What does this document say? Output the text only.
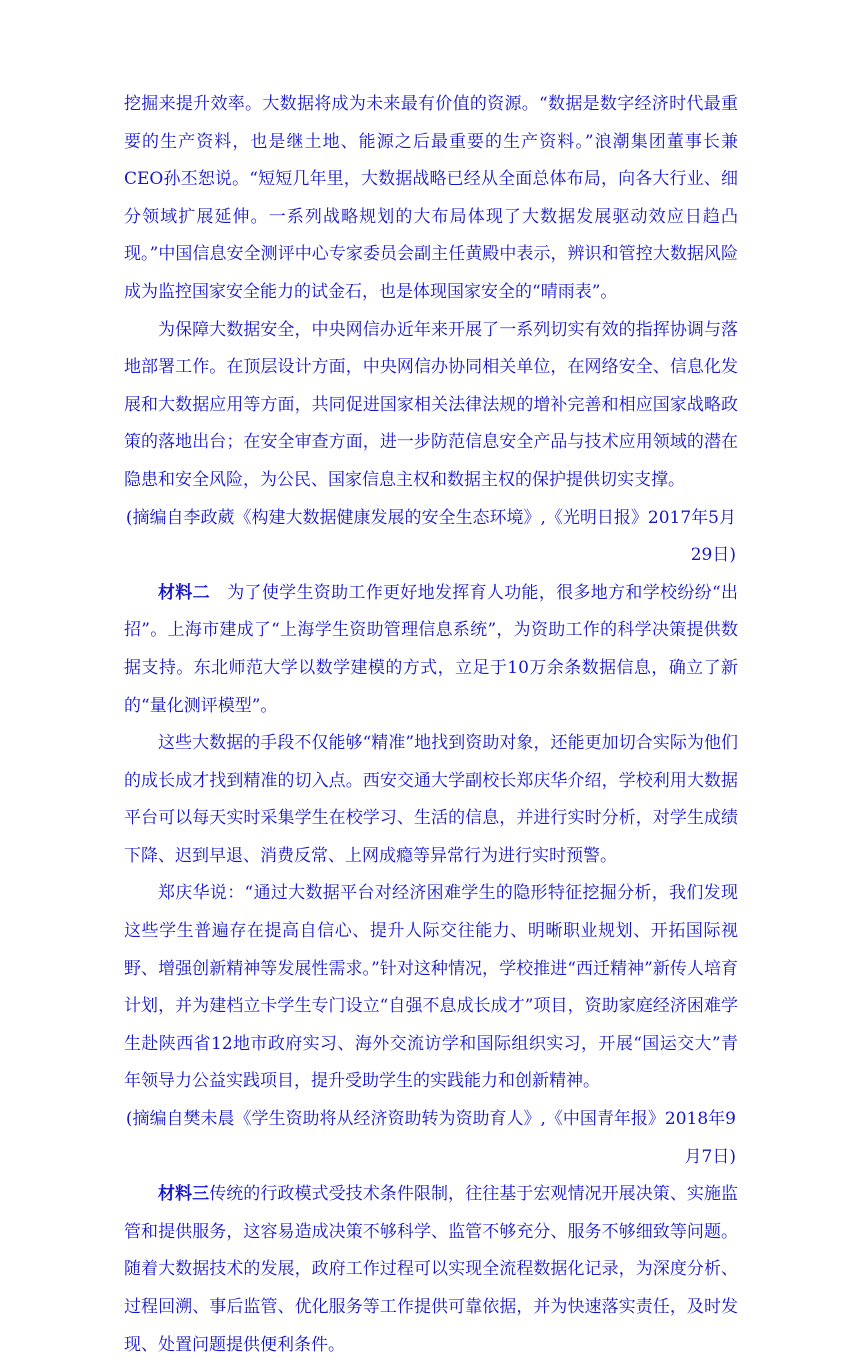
挖掘来提升效率。大数据将成为未来最有价值的资源。“数据是数字经济时代最重要的生产资料，也是继土地、能源之后最重要的生产资料。”浪潮集团董事长兼CEO孙丕恕说。“短短几年里，大数据战略已经从全面总体布局，向各大行业、细分领域扩展延伸。一系列战略规划的大布局体现了大数据发展驱动效应日趋凸现。”中国信息安全测评中心专家委员会副主任黄殿中表示，辨识和管控大数据风险成为监控国家安全能力的试金石，也是体现国家安全的“晴雨表”。

为保障大数据安全，中央网信办近年来开展了一系列切实有效的指挥协调与落地部署工作。在顶层设计方面，中央网信办协同相关单位，在网络安全、信息化发展和大数据应用等方面，共同促进国家相关法律法规的增补完善和相应国家战略政策的落地出台；在安全审查方面，进一步防范信息安全产品与技术应用领域的潜在隐患和安全风险，为公民、国家信息主权和数据主权的保护提供切实支撑。

(摘编自李政葳《构建大数据健康发展的安全生态环境》,《光明日报》2017年5月29日)

材料二　为了使学生资助工作更好地发挥育人功能，很多地方和学校纷纷“出招”。上海市建成了“上海学生资助管理信息系统”，为资助工作的科学决策提供数据支持。东北师范大学以数学建模的方式，立足于10万余条数据信息，确立了新的“量化测评模型”。

这些大数据的手段不仅能够“精准”地找到资助对象，还能更加切合实际为他们的成长成才找到精准的切入点。西安交通大学副校长郑庆华介绍，学校利用大数据平台可以每天实时采集学生在校学习、生活的信息，并进行实时分析，对学生成绩下降、迟到早退、消费反常、上网成瘾等异常行为进行实时预警。

郑庆华说：“通过大数据平台对经济困难学生的隐形特征挖掘分析，我们发现这些学生普遍存在提高自信心、提升人际交往能力、明晰职业规划、开拓国际视野、增强创新精神等发展性需求。”针对这种情况，学校推进“西迁精神”新传人培育计划，并为建档立卡学生专门设立“自强不息成长成才”项目，资助家庭经济困难学生赴陕西省12地市政府实习、海外交流访学和国际组织实习，开展“国运交大”青年领导力公益实践项目，提升受助学生的实践能力和创新精神。

(摘编自樊未晨《学生资助将从经济资助转为资助育人》,《中国青年报》2018年9月7日)

材料三传统的行政模式受技术条件限制，往往基于宏观情况开展决策、实施监管和提供服务，这容易造成决策不够科学、监管不够充分、服务不够细致等问题。随着大数据技术的发展，政府工作过程可以实现全流程数据化记录，为深度分析、过程回溯、事后监管、优化服务等工作提供可靠依据，并为快速落实责任，及时发现、处置问题提供便利条件。
